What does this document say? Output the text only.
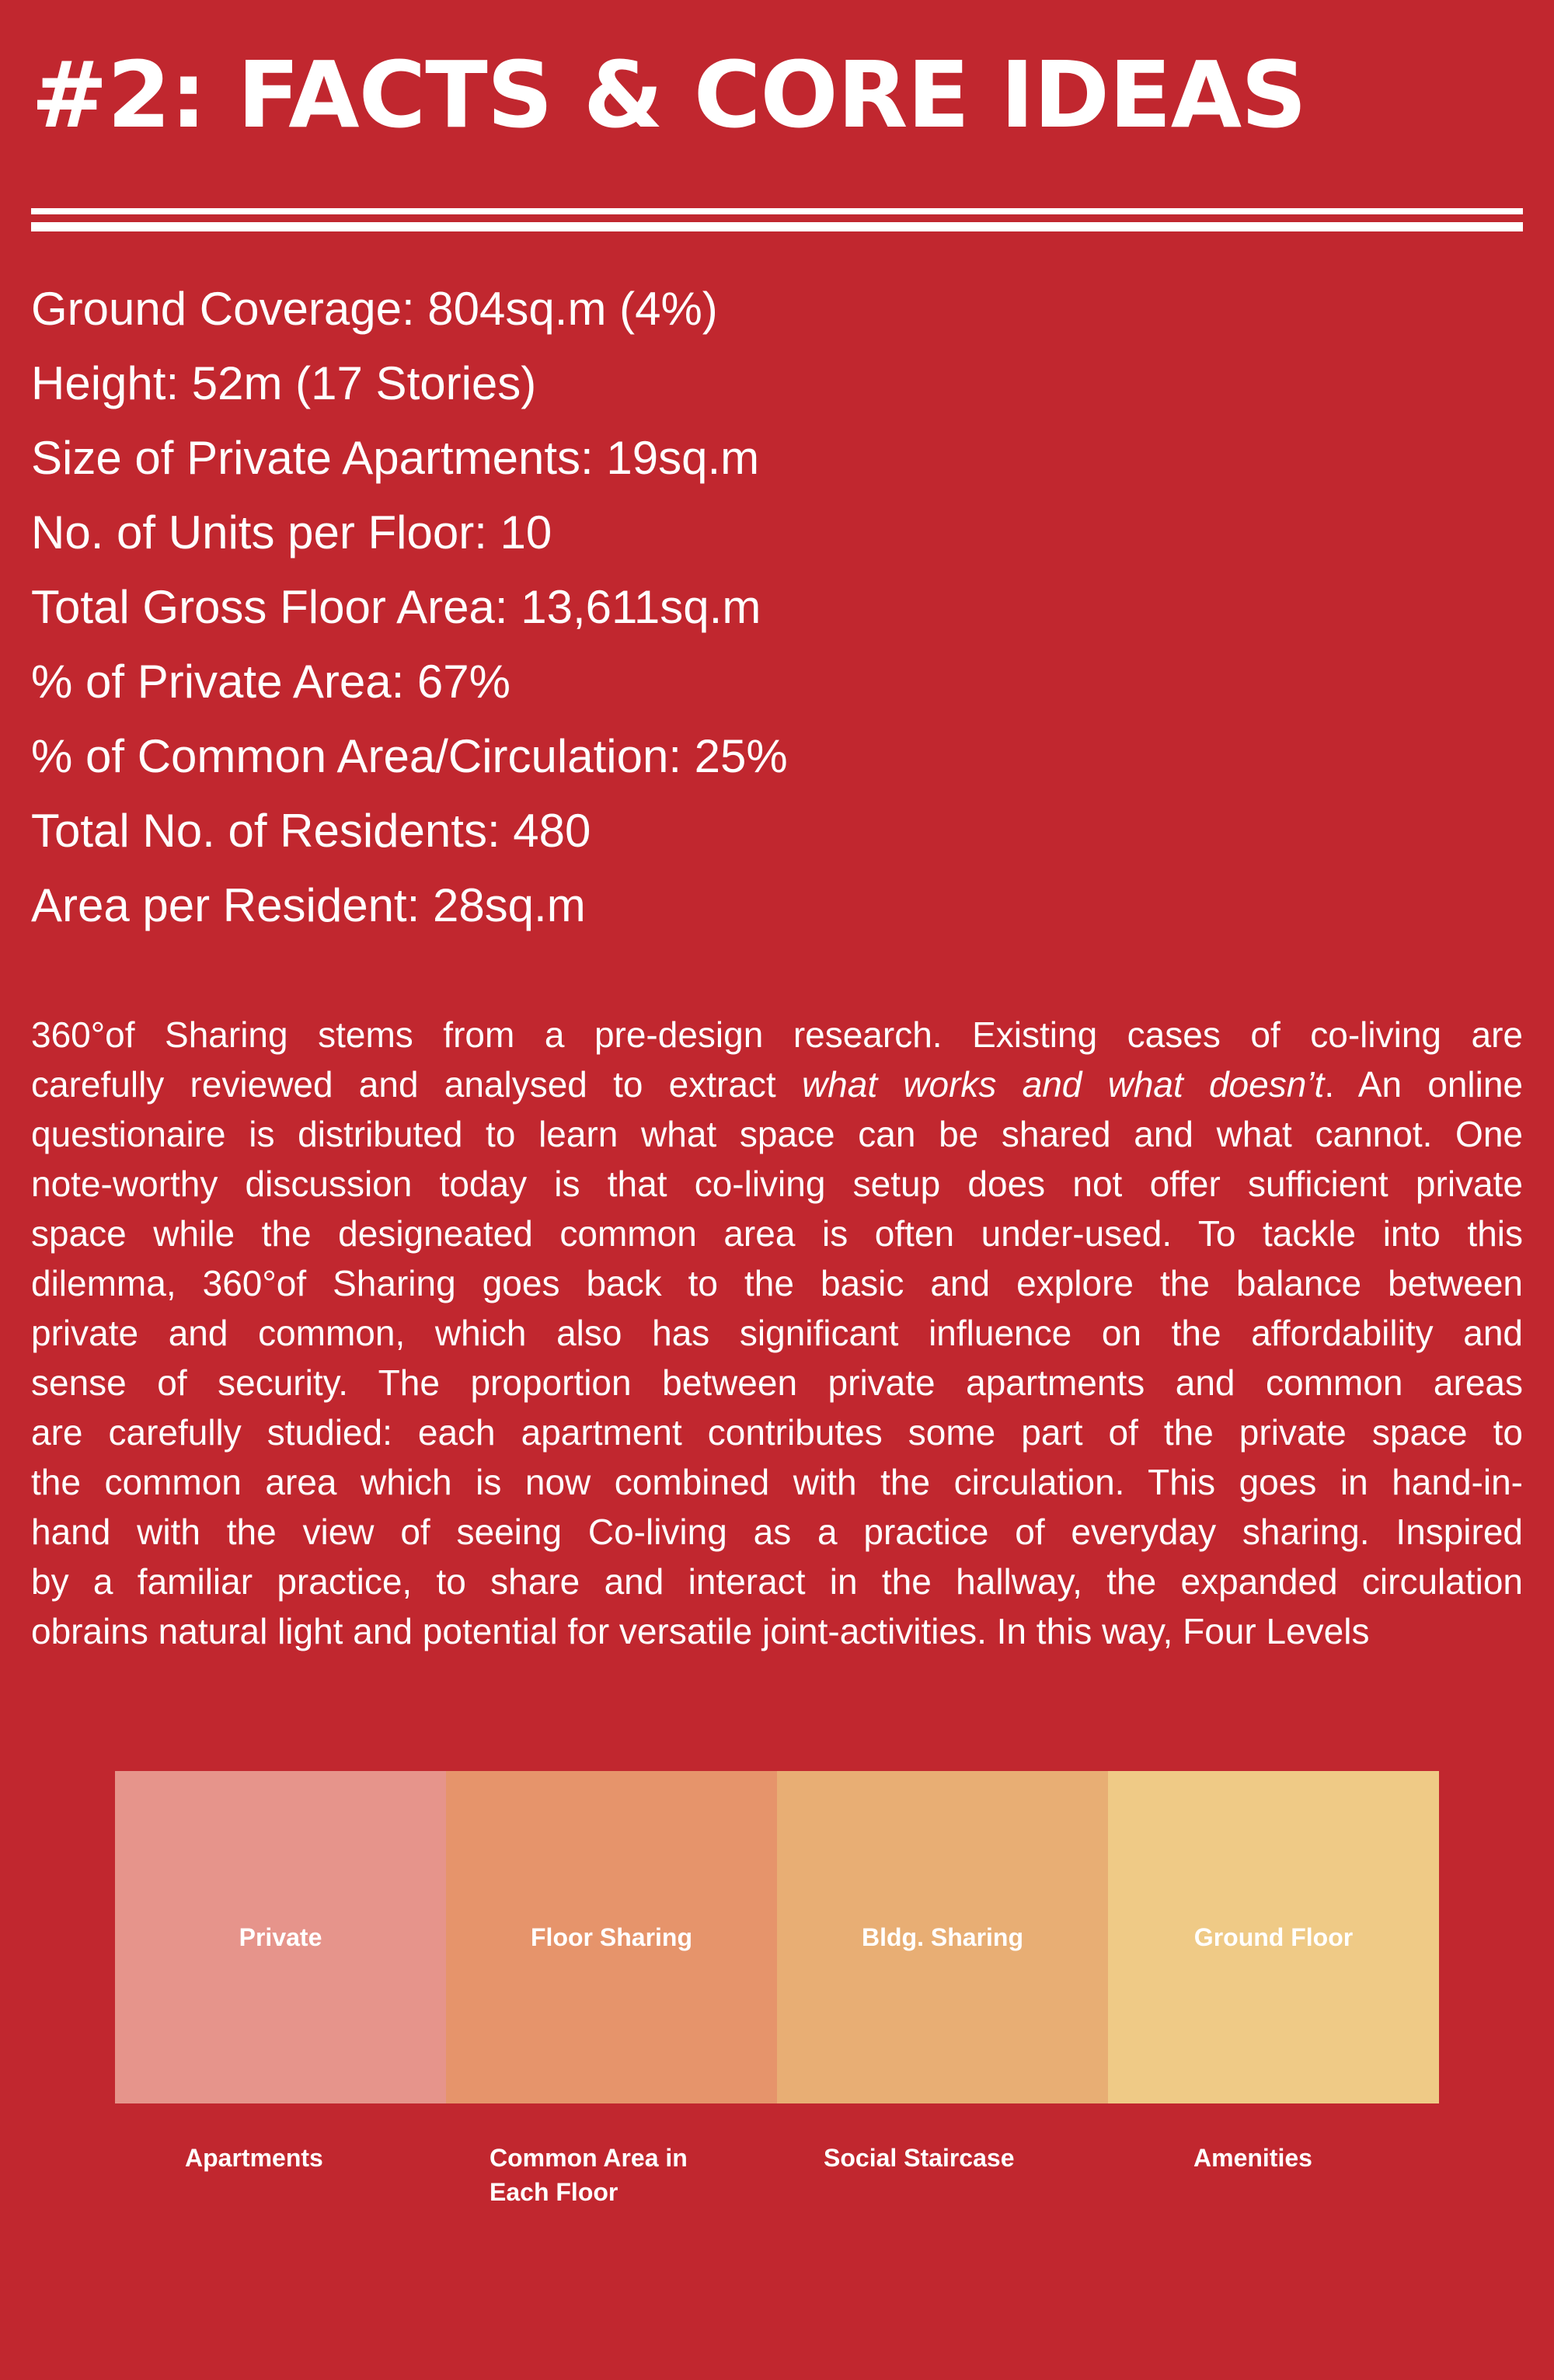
#2: FACTS & CORE IDEAS
Ground Coverage: 804sq.m (4%)
Height: 52m (17 Stories)
Size of Private Apartments: 19sq.m
No. of Units per Floor: 10
Total Gross Floor Area: 13,611sq.m
% of Private Area: 67%
% of Common Area/Circulation: 25%
Total No. of Residents: 480
Area per Resident: 28sq.m
360°of Sharing stems from a pre-design research. Existing cases of co-living are
carefully reviewed and analysed to extract what works and what doesn’t. An online
questionaire is distributed to learn what space can be shared and what cannot. One
note-worthy discussion today is that co-living setup does not offer sufficient private
space while the designeated common area is often under-used. To tackle into this
dilemma, 360°of Sharing goes back to the basic and explore the balance between
private and common, which also has significant influence on the affordability and
sense of security. The proportion between private apartments and common areas
are carefully studied: each apartment contributes some part of the private space to
the common area which is now combined with the circulation. This goes in hand-in-
hand with the view of seeing Co-living as a practice of everyday sharing. Inspired
by a familiar practice, to share and interact in the hallway, the expanded circulation
obrains natural light and potential for versatile joint-activities. In this way, Four Levels
Private	Floor Sharing	Bldg. Sharing	Ground Floor
Apartments	Common Area in
Each Floor
Social Staircase	Amenities
